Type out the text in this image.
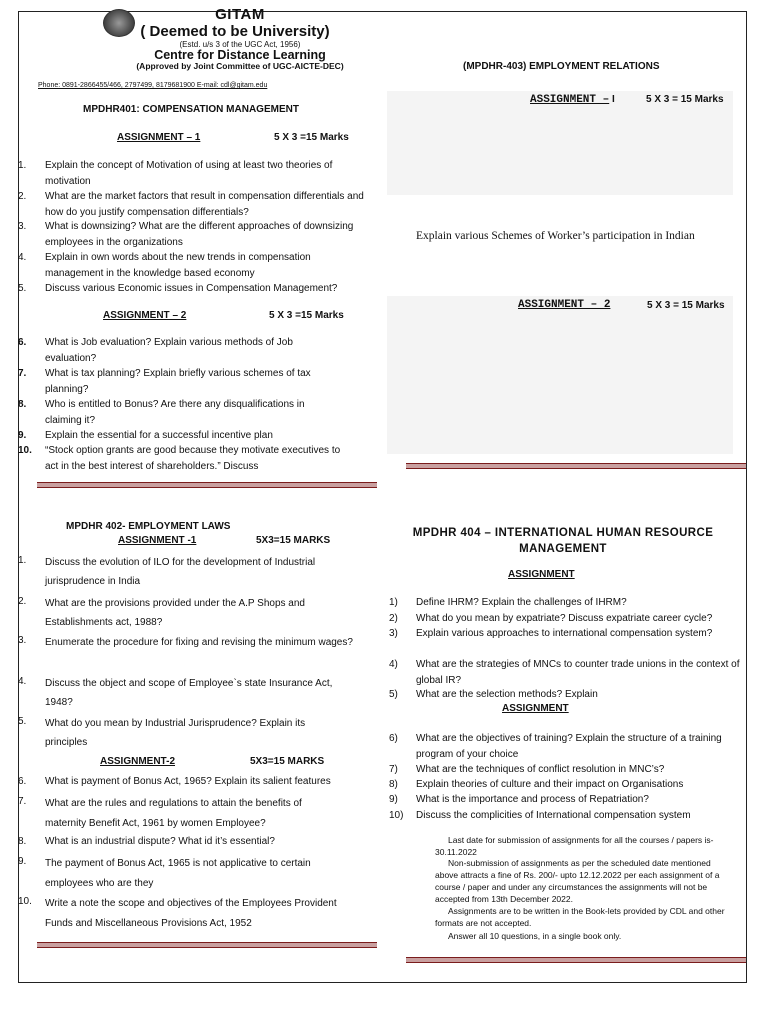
GITAM
( Deemed to be University)
(Estd. u/s 3 of the UGC Act, 1956)
Centre for Distance Learning
(Approved by Joint Committee of UGC-AICTE-DEC)
Phone: 0891-2866455/466, 2797499, 8179681900 E-mail: cdl@gitam.edu
MPDHR401: COMPENSATION MANAGEMENT
ASSIGNMENT – 1	5 X 3 =15 Marks
1. Explain the concept of Motivation of using at least two theories of motivation
2. What are the market factors that result in compensation differentials and how do you justify compensation differentials?
3. What is downsizing? What are the different approaches of downsizing employees in the organizations
4. Explain in own words about the new trends in compensation management in the knowledge based economy
5. Discuss various Economic issues in Compensation Management?
ASSIGNMENT – 2	5 X 3 =15 Marks
6. What is Job evaluation? Explain various methods of Job evaluation?
7. What is tax planning? Explain briefly various schemes of tax planning?
8. Who is entitled to Bonus? Are there any disqualifications in claiming it?
9. Explain the essential for a successful incentive plan
10. “Stock option grants are good because they motivate executives to act in the best interest of shareholders.” Discuss
(MPDHR-403) EMPLOYMENT RELATIONS
ASSIGNMENT – I	5 X 3 = 15 Marks
Explain various Schemes of Worker’s participation in Indian
ASSIGNMENT – 2	5 X 3 = 15 Marks
MPDHR 402- EMPLOYMENT LAWS
ASSIGNMENT -1	5X3=15 MARKS
1. Discuss the evolution of ILO for the development of Industrial jurisprudence in India
2. What are the provisions provided under the A.P Shops and Establishments act, 1988?
3. Enumerate the procedure for fixing and revising the minimum wages?
4. Discuss the object and scope of Employee`s state Insurance Act, 1948?
5. What do you mean by Industrial Jurisprudence? Explain its principles
ASSIGNMENT-2	5X3=15 MARKS
6. What is payment of Bonus Act, 1965? Explain its salient features
7. What are the rules and regulations to attain the benefits of maternity Benefit Act, 1961 by women Employee?
8. What is an industrial dispute? What id it’s essential?
9. The payment of Bonus Act, 1965 is not applicative to certain employees who are they
10. Write a note the scope and objectives of the Employees Provident Funds and Miscellaneous Provisions Act, 1952
MPDHR 404 – INTERNATIONAL HUMAN RESOURCE
MANAGEMENT
ASSIGNMENT
1) Define IHRM? Explain the challenges of IHRM?
2) What do you mean by expatriate? Discuss expatriate career cycle?
3) Explain various approaches to international compensation system?
4) What are the strategies of MNCs to counter trade unions in the context of global IR?
5) What are the selection methods? Explain
ASSIGNMENT
6) What are the objectives of training? Explain the structure of a training program of your choice
7) What are the techniques of conflict resolution in MNC’s?
8) Explain theories of culture and their impact on Organisations
9) What is the importance and process of Repatriation?
10) Discuss the complicities of International compensation system
Last date for submission of assignments for all the courses / papers is- 30.11.2022
Non-submission of assignments as per the scheduled date mentioned above attracts a fine of Rs. 200/- upto 12.12.2022 per each assignment of a course / paper and under any circumstances the assignments will not be accepted from 13th December 2022.
Assignments are to be written in the Book-lets provided by CDL and other formats are not accepted.
Answer all 10 questions, in a single book only.
